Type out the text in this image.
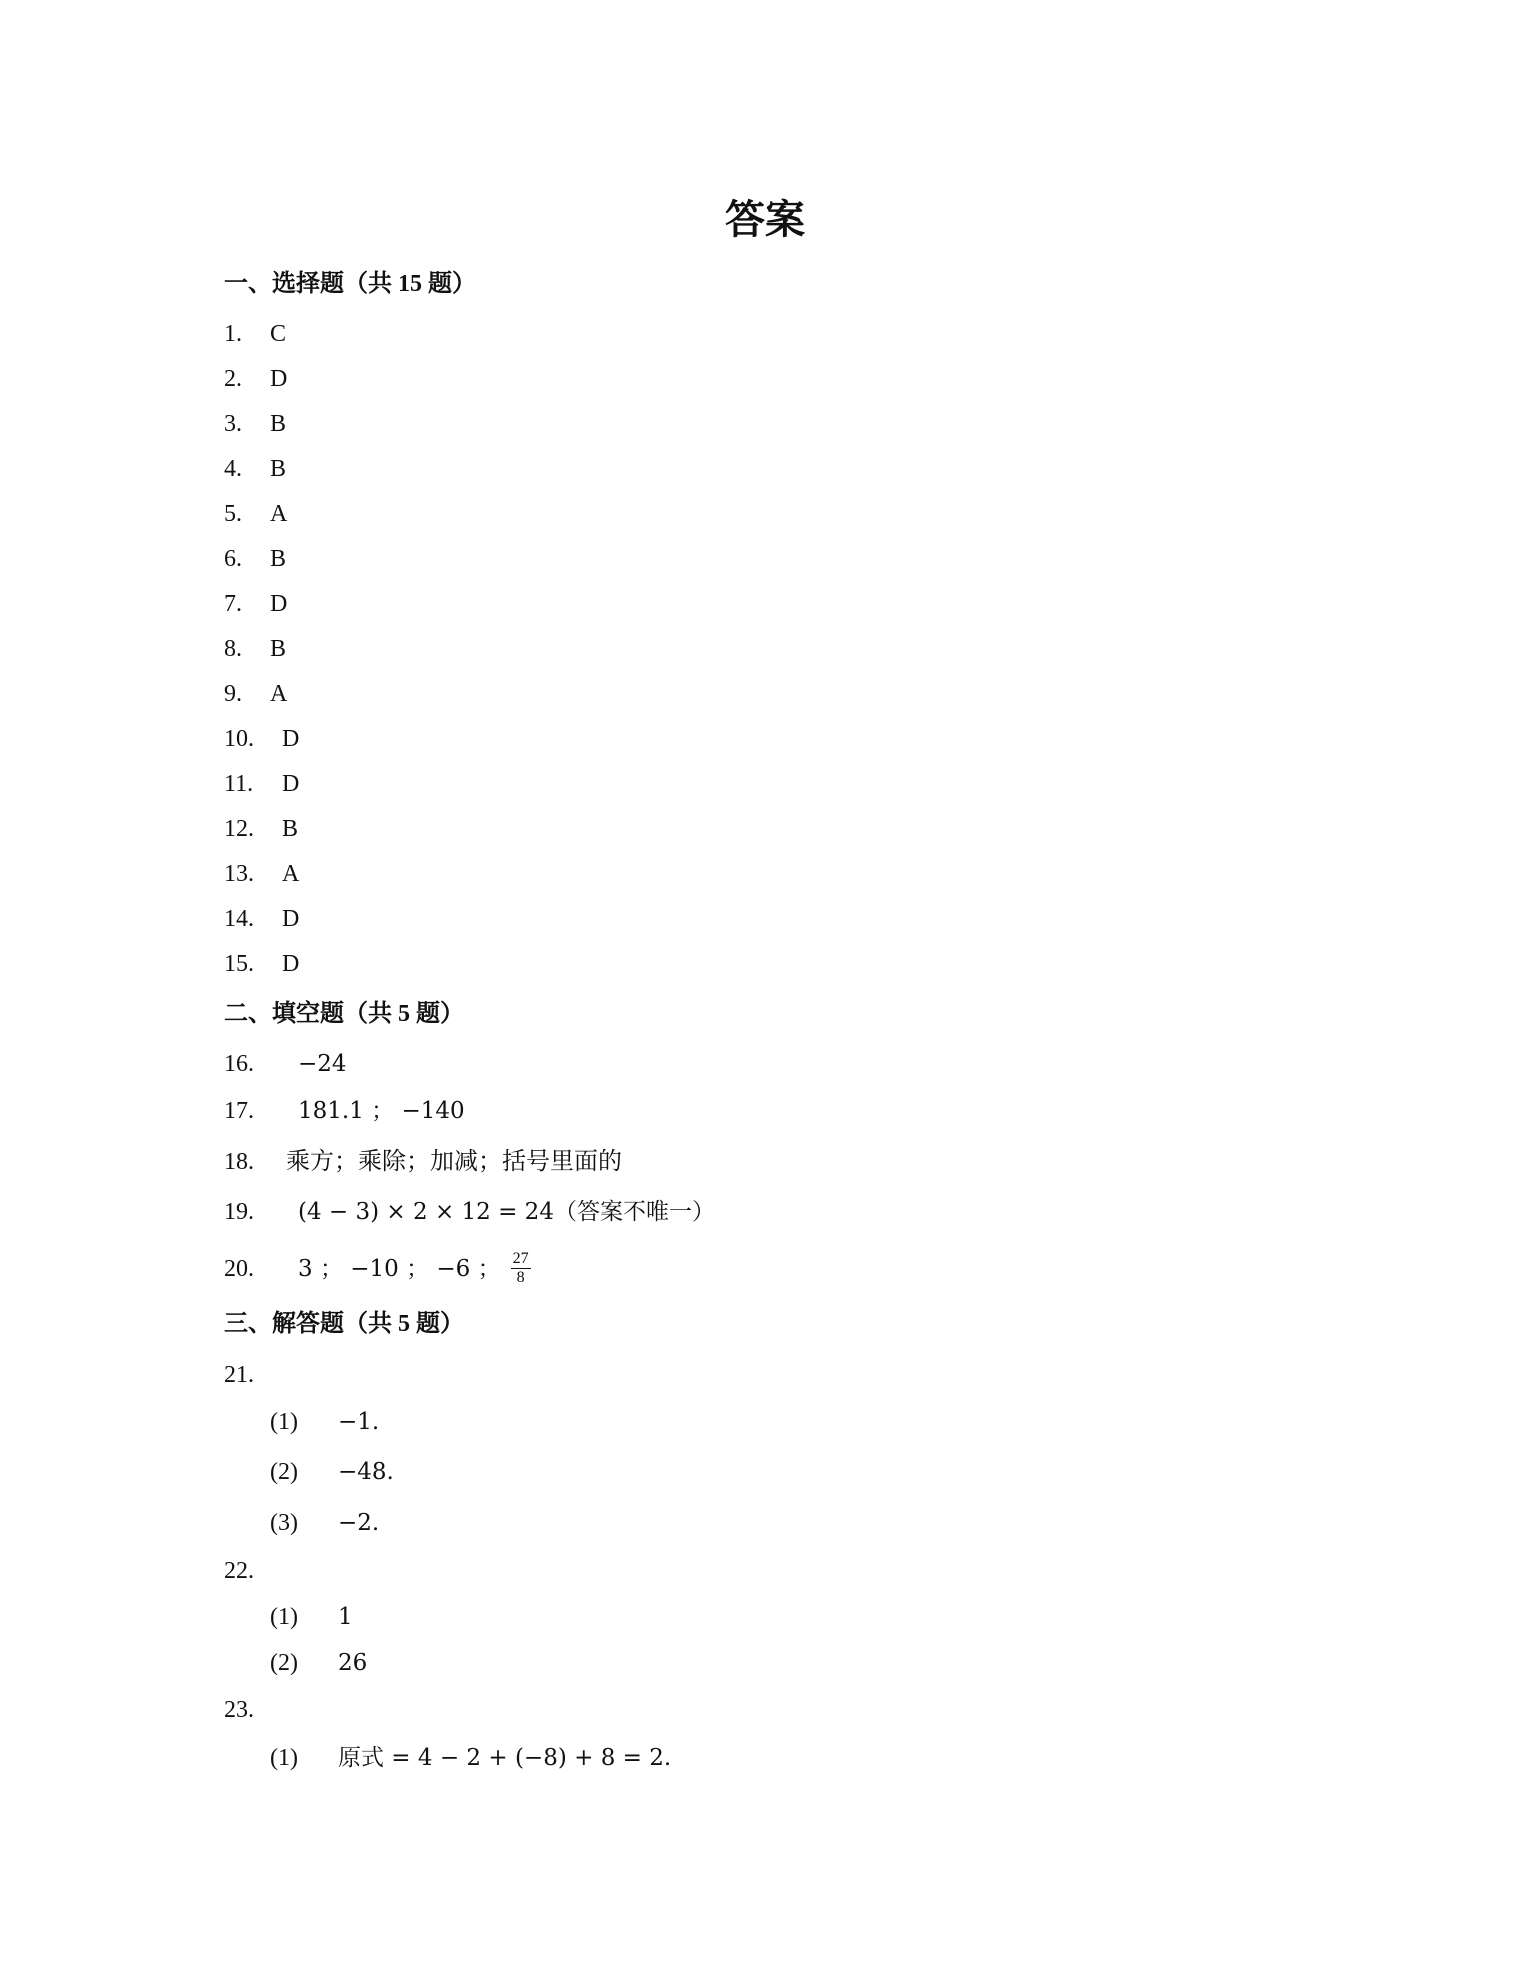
答案
一、选择题（共 15 题）
1. C
2. D
3. B
4. B
5. A
6. B
7. D
8. B
9. A
10. D
11. D
12. B
13. A
14. D
15. D
二、填空题（共 5 题）
16. −24
17. 181.1 ； −140
18. 乘方；乘除；加减；括号里面的
19. (4 − 3) × 2 × 12 = 24（答案不唯一）
20. 3 ； −10 ； −6 ； $\frac{27}{8}$
三、解答题（共 5 题）
21.
(1) −1.
(2) −48.
(3) −2.
22.
(1) 1
(2) 26
23.
(1) 原式 = 4 − 2 + (−8) + 8 = 2.
